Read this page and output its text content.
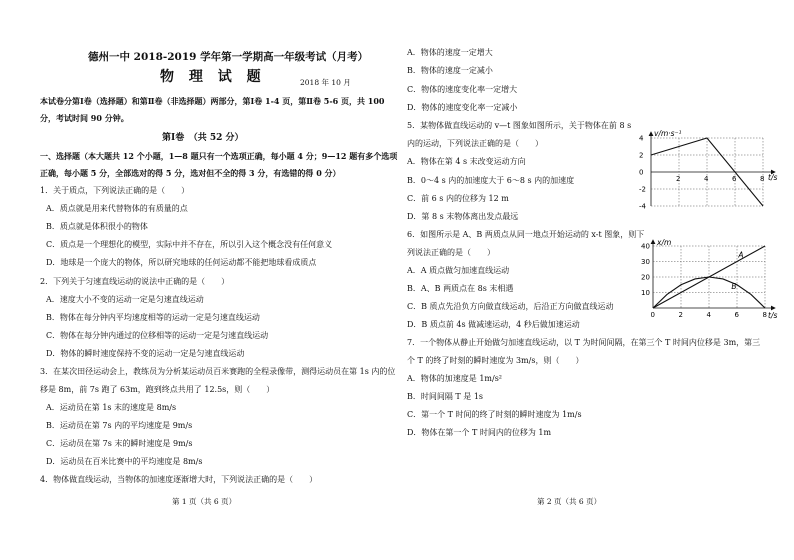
德州一中 2018-2019 学年第一学期高一年级考试（月考）
物 理 试 题	2018 年 10 月
本试卷分第Ⅰ卷（选择题）和第Ⅱ卷（非选择题）两部分，第Ⅰ卷 1-4 页，第Ⅱ卷 5-6 页，共 100
分，考试时间 90 分钟。
第Ⅰ卷　（共 52 分）
一、选择题（本大题共 12 个小题，1—8 题只有一个选项正确，每小题 4 分；9—12 题有多个选项
正确，每小题 5 分，全部选对的得 5 分，选对但不全的得 3 分，有选错的得 0 分）
1．关于质点，下列说法正确的是（　　）
A．质点就是用来代替物体的有质量的点
B．质点就是体积很小的物体
C．质点是一个理想化的模型，实际中并不存在，所以引入这个概念没有任何意义
D．地球是一个庞大的物体，所以研究地球的任何运动都不能把地球看成质点
2．下列关于匀速直线运动的说法中正确的是（　　）
A．速度大小不变的运动一定是匀速直线运动
B．物体在每分钟内平均速度相等的运动一定是匀速直线运动
C．物体在每分钟内通过的位移相等的运动一定是匀速直线运动
D．物体的瞬时速度保持不变的运动一定是匀速直线运动
3．在某次田径运动会上，教练员为分析某运动员百米赛跑的全程录像带，测得运动员在第 1s 内的位
移是 8m，前 7s 跑了 63m，跑到终点共用了 12.5s，则（　　）
A．运动员在第 1s 末的速度是 8m/s
B．运动员在第 7s 内的平均速度是 9m/s
C．运动员在第 7s 末的瞬时速度是 9m/s
D．运动员在百米比赛中的平均速度是 8m/s
4．物体做直线运动，当物体的加速度逐渐增大时，下列说法正确的是（　　）
第 1 页（共 6 页）
A．物体的速度一定增大
B．物体的速度一定减小
C．物体的速度变化率一定增大
D．物体的速度变化率一定减小
5．某物体做直线运动的 v—t 图象如图所示，关于物体在前 8 s
内的运动，下列说法正确的是（　　）
A．物体在第 4 s 末改变运动方向
B．0～4 s 内的加速度大于 6～8 s 内的加速度
C．前 6 s 内的位移为 12 m
D．第 8 s 末物体离出发点最远
6．如图所示是 A、B 两质点从同一地点开始运动的 x-t 图象，则下
列说法正确的是（　　）
A．A 质点做匀加速直线运动
B．A、B 两质点在 8s 末相遇
C．B 质点先沿负方向做直线运动，后沿正方向做直线运动
D．B 质点前 4s 做减速运动，4 秒后做加速运动
7．一个物体从静止开始做匀加速直线运动，以 T 为时间间隔，在第三个 T 时间内位移是 3m，第三
个 T 的终了时刻的瞬时速度为 3m/s，则（　　）
A．物体的加速度是 1m/s²
B．时间间隔 T 是 1s
C．第一个 T 时间的终了时刻的瞬时速度为 1m/s
D．物体在第一个 T 时间内的位移为 1m
第 2 页（共 6 页）
v/m·s⁻¹
t/s
2	4	6	8
4
2
0
-2
-4
x/m
t/s
0	2	4	6	8
40
30
20
10
A
B
